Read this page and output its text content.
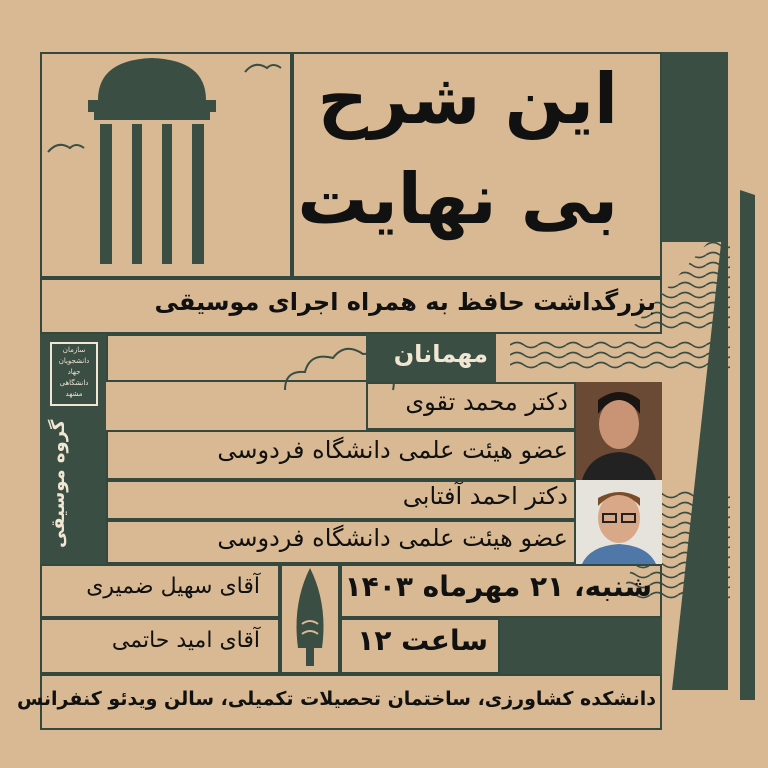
این شرح
بی نهایت
بزرگداشت حافظ به همراه اجرای موسیقی
سازمان
دانشجویان
جهاد
دانشگاهی
مشهد
گروه موسیقی
مهمانان
دکتر محمد تقوی
عضو هیئت علمی دانشگاه فردوسی
دکتر احمد آفتابی
عضو هیئت علمی دانشگاه فردوسی
آقای سهیل ضمیری
آقای امید حاتمی
شنبه، ۲۱ مهرماه ۱۴۰۳
ساعت ۱۲
دانشکده کشاورزی، ساختمان تحصیلات تکمیلی، سالن ویدئو کنفرانس
